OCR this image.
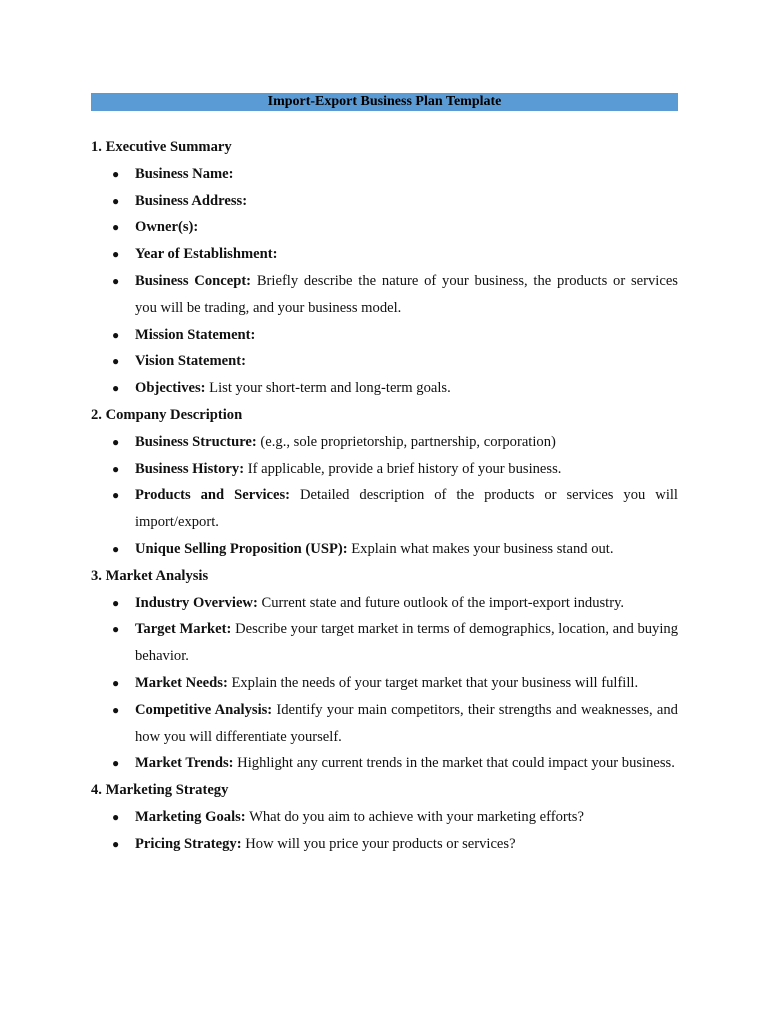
Import-Export Business Plan Template
1. Executive Summary
● Business Name:
● Business Address:
● Owner(s):
● Year of Establishment:
● Business Concept: Briefly describe the nature of your business, the products or services you will be trading, and your business model.
● Mission Statement:
● Vision Statement:
● Objectives: List your short-term and long-term goals.
2. Company Description
● Business Structure: (e.g., sole proprietorship, partnership, corporation)
● Business History: If applicable, provide a brief history of your business.
● Products and Services: Detailed description of the products or services you will import/export.
● Unique Selling Proposition (USP): Explain what makes your business stand out.
3. Market Analysis
● Industry Overview: Current state and future outlook of the import-export industry.
● Target Market: Describe your target market in terms of demographics, location, and buying behavior.
● Market Needs: Explain the needs of your target market that your business will fulfill.
● Competitive Analysis: Identify your main competitors, their strengths and weaknesses, and how you will differentiate yourself.
● Market Trends: Highlight any current trends in the market that could impact your business.
4. Marketing Strategy
● Marketing Goals: What do you aim to achieve with your marketing efforts?
● Pricing Strategy: How will you price your products or services?
